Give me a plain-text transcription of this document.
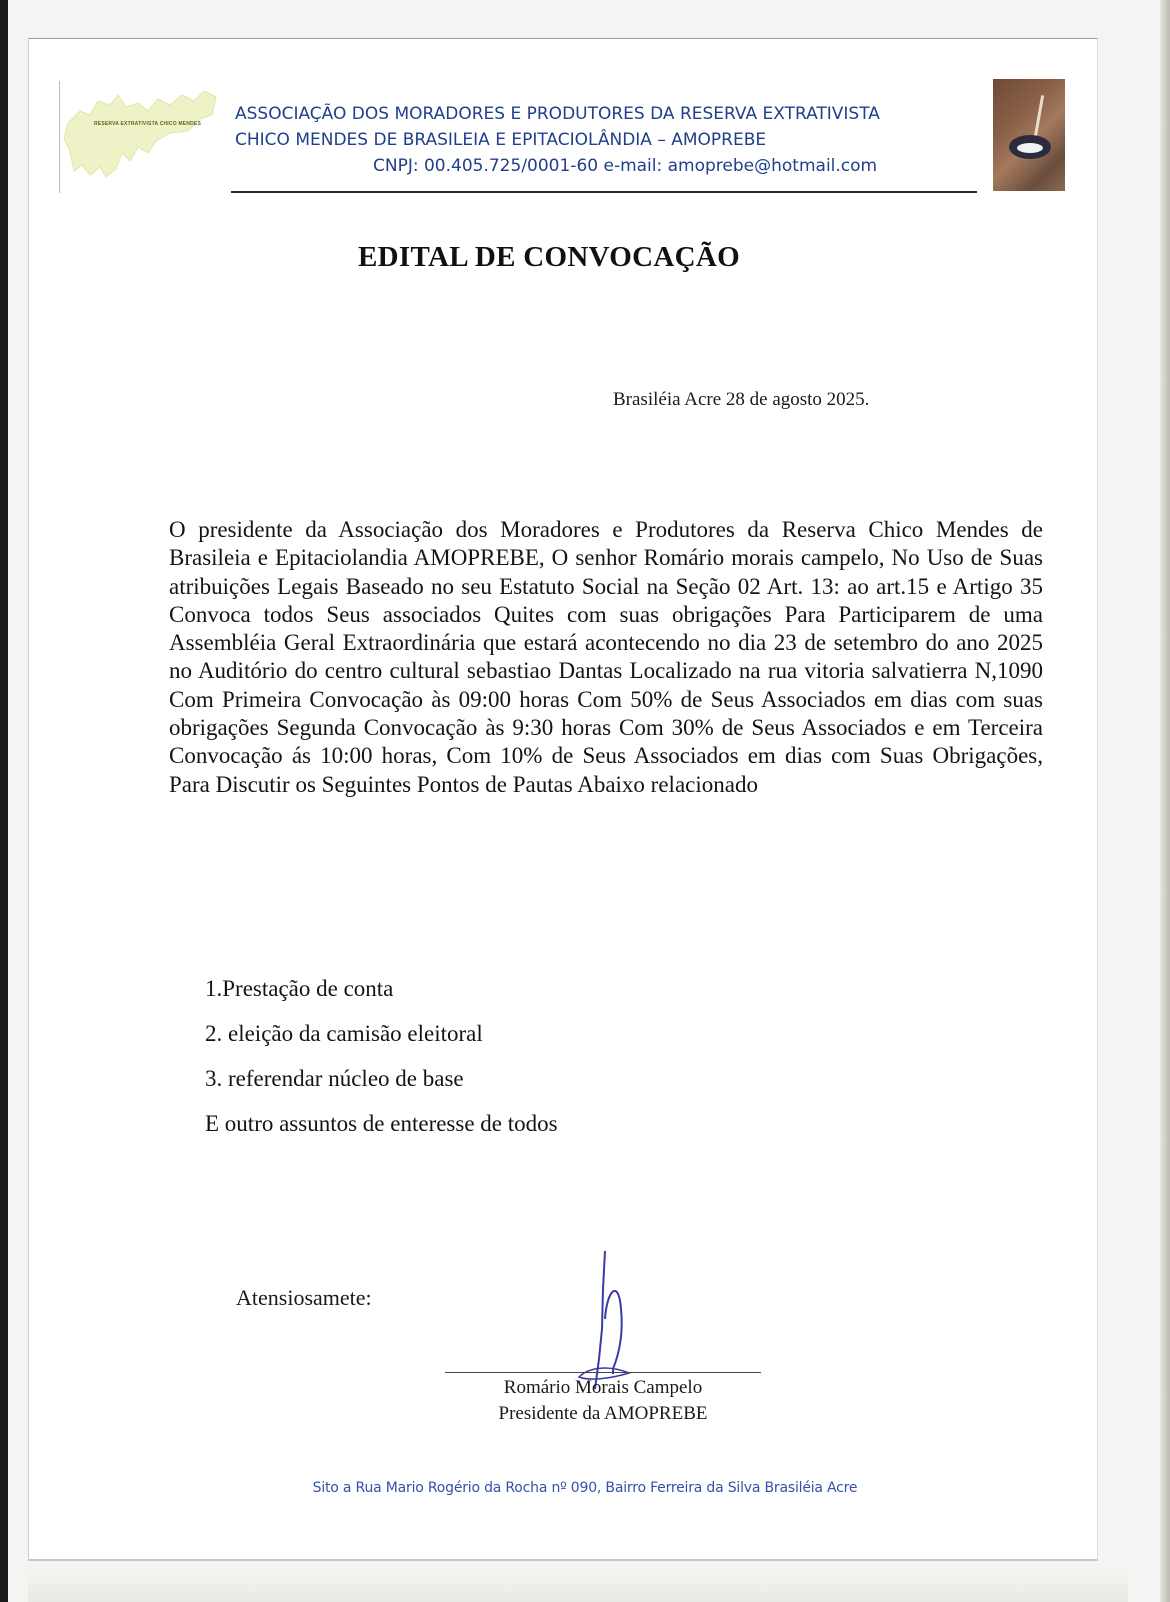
RESERVA EXTRATIVISTA CHICO MENDES ASSOCIAÇÃO DOS MORADORES E PRODUTORES DA RESERVA EXTRATIVISTA
CHICO MENDES DE BRASILEIA E EPITACIOLÂNDIA – AMOPREBE
CNPJ: 00.405.725/0001-60 e-mail: amoprebe@hotmail.com
EDITAL DE CONVOCAÇÃO
Brasiléia Acre 28 de agosto 2025.
O presidente da Associação dos Moradores e Produtores da Reserva Chico Mendes de Brasileia e Epitaciolandia AMOPREBE, O senhor Romário morais campelo, No Uso de Suas atribuições Legais Baseado no seu Estatuto Social na Seção 02 Art. 13: ao art.15 e Artigo 35 Convoca todos Seus associados Quites com suas obrigações Para Participarem de uma Assembléia Geral Extraordinária que estará acontecendo no dia 23 de setembro do ano 2025 no Auditório do centro cultural sebastiao Dantas Localizado na rua vitoria salvatierra N,1090 Com Primeira Convocação às 09:00 horas Com 50% de Seus Associados em dias com suas obrigações Segunda Convocação às 9:30 horas Com 30% de Seus Associados e em Terceira Convocação ás 10:00 horas, Com 10% de Seus Associados em dias com Suas Obrigações, Para Discutir os Seguintes Pontos de Pautas Abaixo relacionado
1.Prestação de conta
2. eleição da camisão eleitoral
3. referendar núcleo de base
E outro assuntos de enteresse de todos
Atensiosamete:
Romário Morais Campelo
Presidente da AMOPREBE
Sito a Rua Mario Rogério da Rocha nº 090, Bairro Ferreira da Silva Brasiléia Acre
